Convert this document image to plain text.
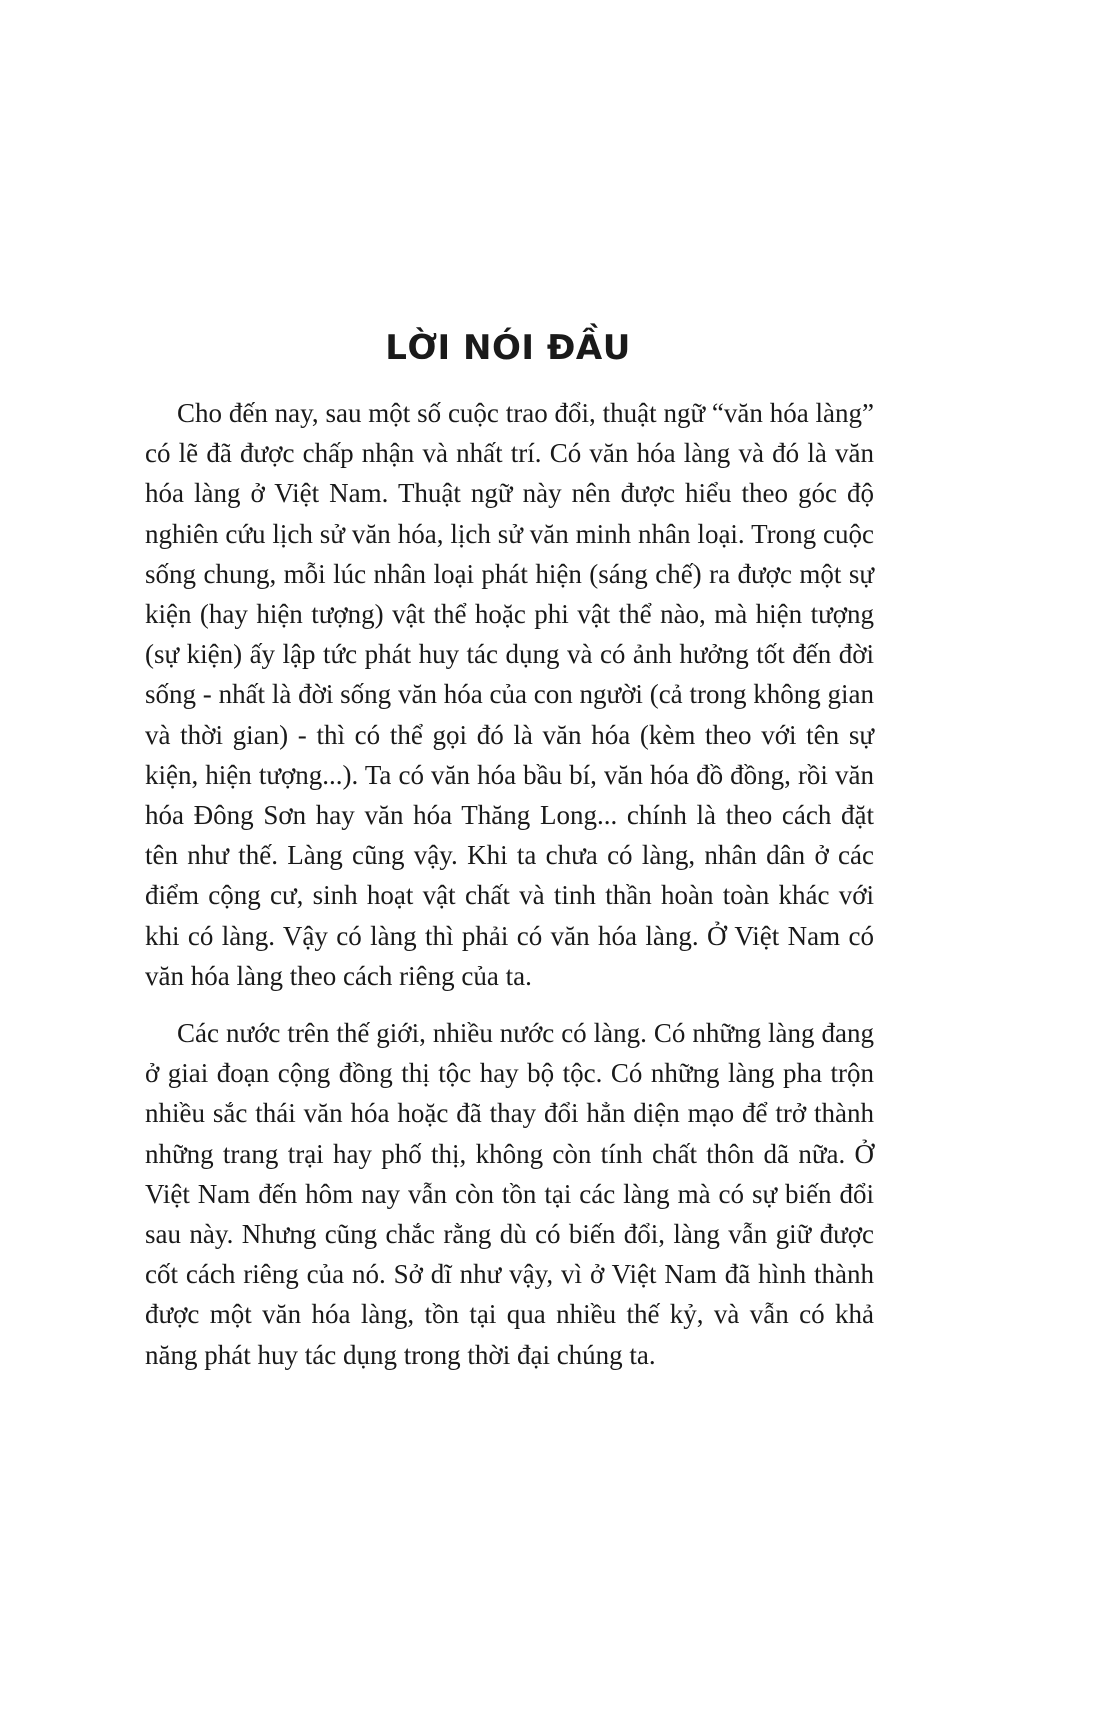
LỜI NÓI ĐẦU

Cho đến nay, sau một số cuộc trao đổi, thuật ngữ “văn hóa làng” có lẽ đã được chấp nhận và nhất trí. Có văn hóa làng và đó là văn hóa làng ở Việt Nam. Thuật ngữ này nên được hiểu theo góc độ nghiên cứu lịch sử văn hóa, lịch sử văn minh nhân loại. Trong cuộc sống chung, mỗi lúc nhân loại phát hiện (sáng chế) ra được một sự kiện (hay hiện tượng) vật thể hoặc phi vật thể nào, mà hiện tượng (sự kiện) ấy lập tức phát huy tác dụng và có ảnh hưởng tốt đến đời sống - nhất là đời sống văn hóa của con người (cả trong không gian và thời gian) - thì có thể gọi đó là văn hóa (kèm theo với tên sự kiện, hiện tượng...). Ta có văn hóa bầu bí, văn hóa đồ đồng, rồi văn hóa Đông Sơn hay văn hóa Thăng Long... chính là theo cách đặt tên như thế. Làng cũng vậy. Khi ta chưa có làng, nhân dân ở các điểm cộng cư, sinh hoạt vật chất và tinh thần hoàn toàn khác với khi có làng. Vậy có làng thì phải có văn hóa làng. Ở Việt Nam có văn hóa làng theo cách riêng của ta.

Các nước trên thế giới, nhiều nước có làng. Có những làng đang ở giai đoạn cộng đồng thị tộc hay bộ tộc. Có những làng pha trộn nhiều sắc thái văn hóa hoặc đã thay đổi hẳn diện mạo để trở thành những trang trại hay phố thị, không còn tính chất thôn dã nữa. Ở Việt Nam đến hôm nay vẫn còn tồn tại các làng mà có sự biến đổi sau này. Nhưng cũng chắc rằng dù có biến đổi, làng vẫn giữ được cốt cách riêng của nó. Sở dĩ như vậy, vì ở Việt Nam đã hình thành được một văn hóa làng, tồn tại qua nhiều thế kỷ, và vẫn có khả năng phát huy tác dụng trong thời đại chúng ta.
